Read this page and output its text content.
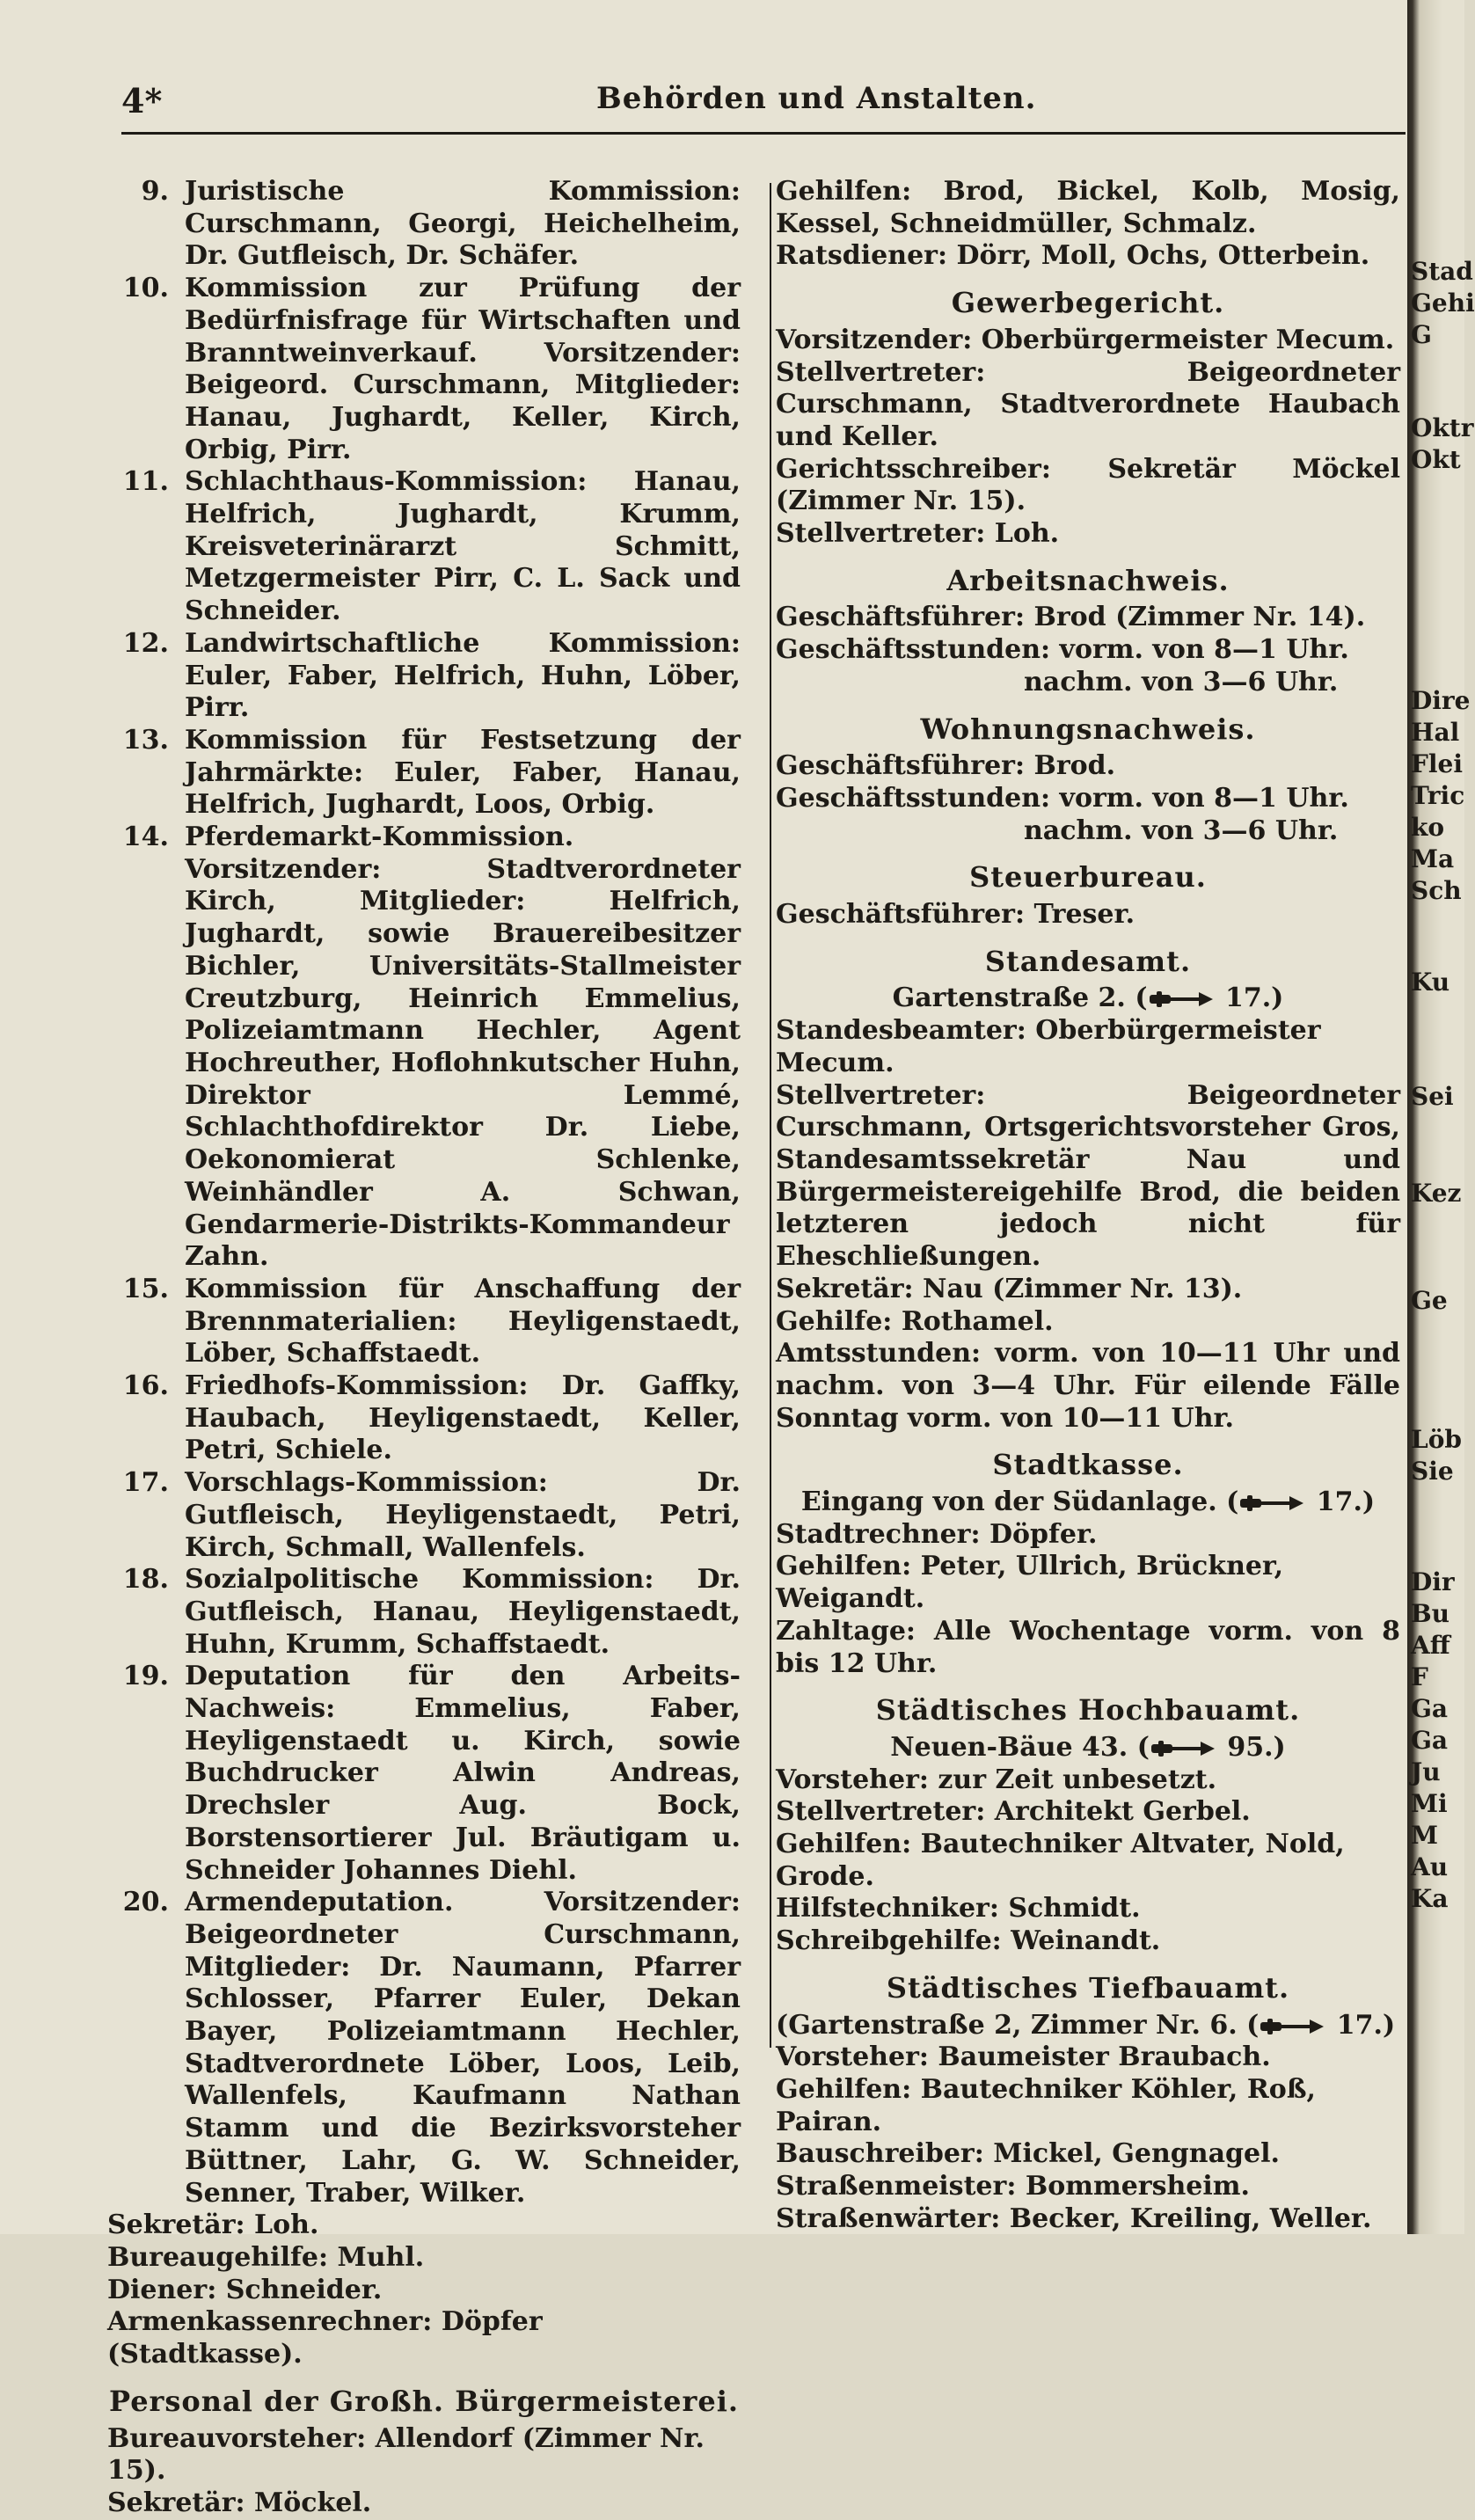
4*	Behörden und Anstalten.
9. Juristische Kommission: Curschmann, Georgi, Heichelheim, Dr. Gutfleisch, Dr. Schäfer.
10. Kommission zur Prüfung der Bedürfnisfrage für Wirtschaften und Branntweinverkauf. Vorsitzender: Beigeord. Curschmann, Mitglieder: Hanau, Jughardt, Keller, Kirch, Orbig, Pirr.
11. Schlachthaus-Kommission: Hanau, Helfrich, Jughardt, Krumm, Kreisveterinärarzt Schmitt, Metzgermeister Pirr, C. L. Sack und Schneider.
12. Landwirtschaftliche Kommission: Euler, Faber, Helfrich, Huhn, Löber, Pirr.
13. Kommission für Festsetzung der Jahrmärkte: Euler, Faber, Hanau, Helfrich, Jughardt, Loos, Orbig.
14. Pferdemarkt-Kommission. Vorsitzender: Stadtverordneter Kirch, Mitglieder: Helfrich, Jughardt, sowie Brauereibesitzer Bichler, Universitäts-Stallmeister Creutzburg, Heinrich Emmelius, Polizeiamtmann Hechler, Agent Hochreuther, Hoflohnkutscher Huhn, Direktor Lemmé, Schlachthofdirektor Dr. Liebe, Oekonomierat Schlenke, Weinhändler A. Schwan, Gendarmerie-Distrikts-Kommandeur Zahn.
15. Kommission für Anschaffung der Brennmaterialien: Heyligenstaedt, Löber, Schaffstaedt.
16. Friedhofs-Kommission: Dr. Gaffky, Haubach, Heyligenstaedt, Keller, Petri, Schiele.
17. Vorschlags-Kommission: Dr. Gutfleisch, Heyligenstaedt, Petri, Kirch, Schmall, Wallenfels.
18. Sozialpolitische Kommission: Dr. Gutfleisch, Hanau, Heyligenstaedt, Huhn, Krumm, Schaffstaedt.
19. Deputation für den Arbeits-Nachweis: Emmelius, Faber, Heyligenstaedt u. Kirch, sowie Buchdrucker Alwin Andreas, Drechsler Aug. Bock, Borstensortierer Jul. Bräutigam u. Schneider Johannes Diehl.
20. Armendeputation. Vorsitzender: Beigeordneter Curschmann, Mitglieder: Dr. Naumann, Pfarrer Schlosser, Pfarrer Euler, Dekan Bayer, Polizeiamtmann Hechler, Stadtverordnete Löber, Loos, Leib, Wallenfels, Kaufmann Nathan Stamm und die Bezirksvorsteher Büttner, Lahr, G. W. Schneider, Senner, Traber, Wilker.
Sekretär: Loh.
Bureaugehilfe: Muhl.
Diener: Schneider.
Armenkassenrechner: Döpfer (Stadtkasse).
Personal der Großh. Bürgermeisterei.
Bureauvorsteher: Allendorf (Zimmer Nr. 15).
Sekretär: Möckel.
Gehilfen: Brod, Bickel, Kolb, Mosig, Kessel, Schneidmüller, Schmalz.
Ratsdiener: Dörr, Moll, Ochs, Otterbein.
Gewerbegericht.
Vorsitzender: Oberbürgermeister Mecum.
Stellvertreter: Beigeordneter Curschmann, Stadtverordnete Haubach und Keller.
Gerichtsschreiber: Sekretär Möckel (Zimmer Nr. 15).
Stellvertreter: Loh.
Arbeitsnachweis.
Geschäftsführer: Brod (Zimmer Nr. 14).
Geschäftsstunden: vorm. von 8—1 Uhr.
nachm. von 3—6 Uhr.
Wohnungsnachweis.
Geschäftsführer: Brod.
Geschäftsstunden: vorm. von 8—1 Uhr.
nachm. von 3—6 Uhr.
Steuerbureau.
Geschäftsführer: Treser.
Standesamt.
Gartenstraße 2. (	17.)
Standesbeamter: Oberbürgermeister Mecum.
Stellvertreter: Beigeordneter Curschmann, Ortsgerichtsvorsteher Gros, Standesamtssekretär Nau und Bürgermeistereigehilfe Brod, die beiden letzteren jedoch nicht für Eheschließungen.
Sekretär: Nau (Zimmer Nr. 13).
Gehilfe: Rothamel.
Amtsstunden: vorm. von 10—11 Uhr und nachm. von 3—4 Uhr. Für eilende Fälle Sonntag vorm. von 10—11 Uhr.
Stadtkasse.
Eingang von der Südanlage. (	17.)
Stadtrechner: Döpfer.
Gehilfen: Peter, Ullrich, Brückner, Weigandt.
Zahltage: Alle Wochentage vorm. von 8 bis 12 Uhr.
Städtisches Hochbauamt.
Neuen-Bäue 43. (	95.)
Vorsteher: zur Zeit unbesetzt.
Stellvertreter: Architekt Gerbel.
Gehilfen: Bautechniker Altvater, Nold, Grode.
Hilfstechniker: Schmidt.
Schreibgehilfe: Weinandt.
Städtisches Tiefbauamt.
(Gartenstraße 2, Zimmer Nr. 6. (	17.)
Vorsteher: Baumeister Braubach.
Gehilfen: Bautechniker Köhler, Roß, Pairan.
Bauschreiber: Mickel, Gengnagel.
Straßenmeister: Bommersheim.
Straßenwärter: Becker, Kreiling, Weller.
Stad
Gehi
G
Oktr
Okt
Dire
Hal
Flei
Tric
ko
Ma
Sch
Ku
Sei
Kez
Ge
Löb
Sie
Dir
Bu
Aff
F
Ga
Ga
Ju
Mi
M
Au
Ka
